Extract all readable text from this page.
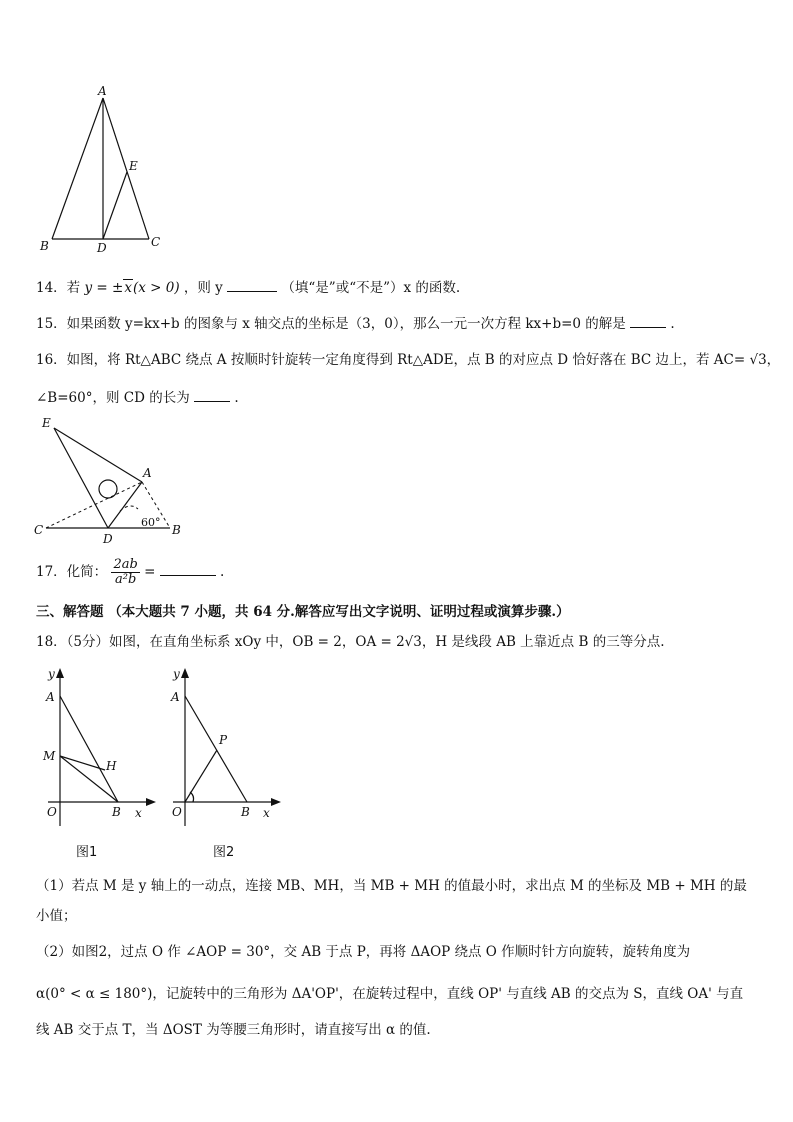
A
B	C
D
E
14．若 y = ±x(x > 0) ，则 y	（填“是”或“不是”）x 的函数.
15．如果函数 y=kx+b 的图象与 x 轴交点的坐标是（3，0），那么一元一次方程 kx+b=0 的解是	.
16．如图，将 Rt△ABC 绕点 A 按顺时针旋转一定角度得到 Rt△ADE，点 B 的对应点 D 恰好落在 BC 边上，若 AC= √3，
∠B=60°，则 CD 的长为	.
E
A
C
D
B
60°
17．化简： $\frac{2ab}{\text{a²b}}$ =	.
三、解答题 （本大题共 7 小题，共 64 分.解答应写出文字说明、证明过程或演算步骤.）
18．（5分）如图，在直角坐标系 xOy 中，OB = 2，OA = 2√3，H 是线段 AB 上靠近点 B 的三等分点.
y
A
M
H
O	B x
图1
y
A
P
O	B x
图2
（1）若点 M 是 y 轴上的一动点，连接 MB、MH，当 MB + MH 的值最小时，求出点 M 的坐标及 MB + MH 的最
小值；
（2）如图2，过点 O 作 ∠AOP = 30°，交 AB 于点 P，再将 ΔAOP 绕点 O 作顺时针方向旋转，旋转角度为
α(0° < α ≤ 180°)，记旋转中的三角形为 ΔA'OP'，在旋转过程中，直线 OP' 与直线 AB 的交点为 S，直线 OA' 与直
线 AB 交于点 T，当 ΔOST 为等腰三角形时，请直接写出 α 的值.
